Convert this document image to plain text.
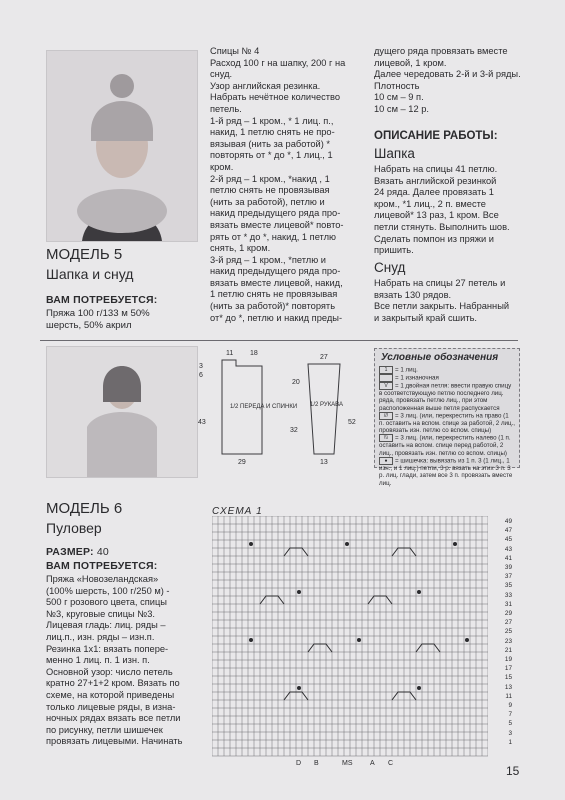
МОДЕЛЬ 5
Шапка и снуд
ВАМ ПОТРЕБУЕТСЯ:
Пряжа 100 г/133 м 50%
шерсть, 50% акрил

Спицы № 4

Расход 100 г на шапку, 200 г на

снуд.

Узор английская резинка.

Набрать нечётное количество

петель.

1-й ряд – 1 кром., * 1 лиц. п.,

накид, 1 петлю снять не про-

вязывая (нить за работой) *

повторять от * до *, 1 лиц., 1

кром.

2-й ряд – 1 кром., *накид , 1

петлю снять не провязывая

(нить за работой), петлю и

накид предыдущего ряда про-

вязать вместе лицевой* повто-

рять от * до *, накид, 1 петлю

снять, 1 кром.

3-й ряд – 1 кром., *петлю и

накид предыдущего ряда про-

вязать вместе лицевой, накид,

1 петлю снять не провязывая

(нить за работой)* повторять

от* до *, петлю и накид преды-

дущего ряда провязать вместе

лицевой, 1 кром.

Далее чередовать 2-й и 3-й ряды.

Плотность

10 см – 9 п.

10 см – 12 р.

ОПИСАНИЕ РАБОТЫ:
Шапка

Набрать на спицы 41 петлю.

Вязать английской резинкой

24 ряда. Далее провязать 1

кром., *1 лиц., 2 п. вместе

лицевой* 13 раз, 1 кром. Все

петли стянуть. Выполнить шов.

Сделать помпон из пряжи и

пришить.

Снуд

Набрать на спицы 27 петель и

вязать 130 рядов.

Все петли закрыть. Набранный

и закрытый край сшить.

11 18
3
6
43
29
1/2 ПЕРЕДА И СПИНКИ
27
20
32
52
13
1/2 РУКАВА
Условные обозначения
1 = 1 лиц.
= 1 изнаночная
V = 1 двойная петля: ввести правую спицу в соответствующую петлю последнего лиц. ряда, провязать петлю лиц., при этом расположенная выше петля распускается
/// = 3 лиц. (или, перекрестить на право (1 п. оставить на вспом. спице за работой, 2 лиц., провязать изн. петлю со вспом. спицы)
\\\ = 3 лиц. (или, перекрестить налево (1 п. оставить на вспом. спице перед работой, 2 лиц., провязать изн. петлю со вспом. спицы)
● = шишечка: вывязать из 1 п. 3 (1 лиц., 1 изн., и 1 лиц.) петли, 3 р. вязать на этих 3 п. 3 р. лиц. глади, затем все 3 п. провязать вместе лиц.
МОДЕЛЬ 6
Пуловер
РАЗМЕР: 40
ВАМ ПОТРЕБУЕТСЯ:

Пряжа «Новозеландская»

(100% шерсть, 100 г/250 м) -

500 г розового цвета, спицы

№3, круговые спицы №3.

Лицевая гладь: лиц. ряды –

лиц.п., изн. ряды – изн.п.

Резинка 1х1: вязать попере-

менно 1 лиц. п. 1 изн. п.

Основной узор: число петель

кратно 27+1+2 кром. Вязать по

схеме, на которой приведены

только лицевые ряды, в изна-

ночных рядах вязать все петли

по рисунку, петли шишечек

провязать лицевыми. Начинать

СХЕМА 1
49
47
45
43
41
39
37
35
33
31
29
27
25
23
21
19
17
15
13
11
9
7
5
3
1
D B	MS	A C
15
